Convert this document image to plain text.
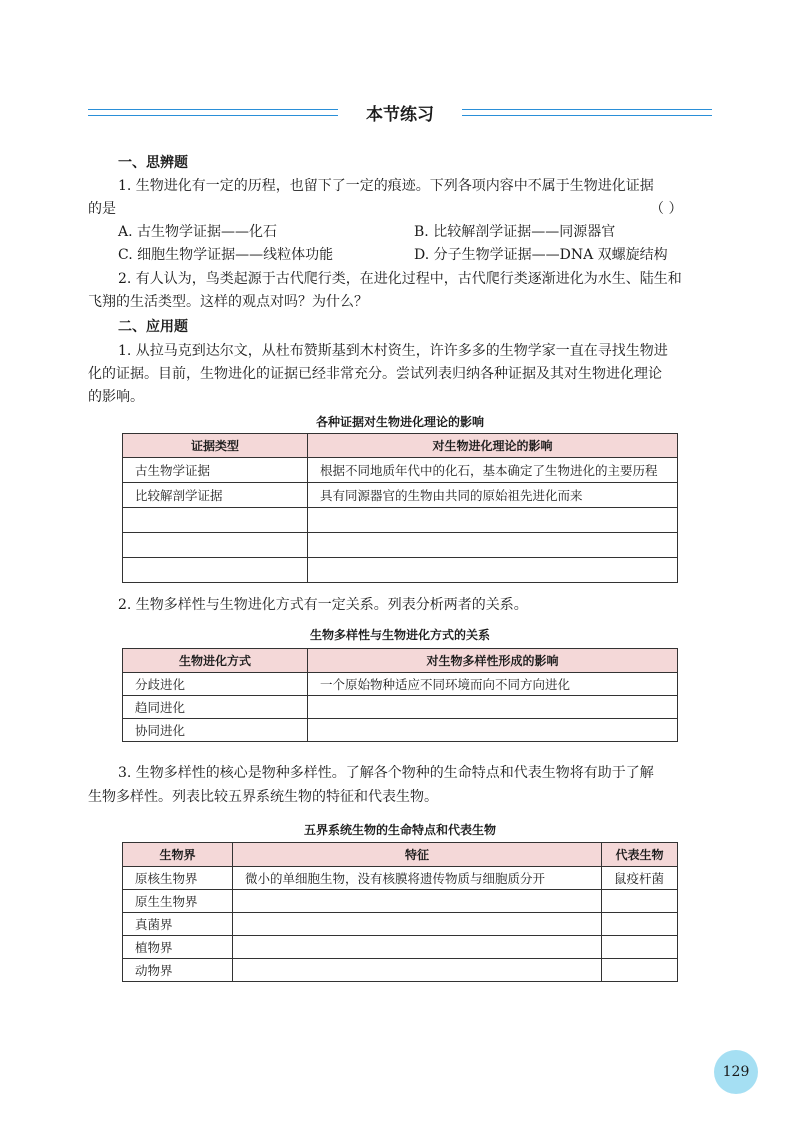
本节练习
一、思辨题
1. 生物进化有一定的历程，也留下了一定的痕迹。下列各项内容中不属于生物进化证据
的是	（ ）
A. 古生物学证据——化石	B. 比较解剖学证据——同源器官
C. 细胞生物学证据——线粒体功能	D. 分子生物学证据——DNA 双螺旋结构
2. 有人认为，鸟类起源于古代爬行类，在进化过程中，古代爬行类逐渐进化为水生、陆生和
飞翔的生活类型。这样的观点对吗？为什么？
二、应用题
1. 从拉马克到达尔文，从杜布赞斯基到木村资生，许许多多的生物学家一直在寻找生物进
化的证据。目前，生物进化的证据已经非常充分。尝试列表归纳各种证据及其对生物进化理论
的影响。
各种证据对生物进化理论的影响
证据类型	对生物进化理论的影响
古生物学证据	根据不同地质年代中的化石，基本确定了生物进化的主要历程
比较解剖学证据	具有同源器官的生物由共同的原始祖先进化而来

2. 生物多样性与生物进化方式有一定关系。列表分析两者的关系。
生物多样性与生物进化方式的关系
生物进化方式	对生物多样性形成的影响
分歧进化	一个原始物种适应不同环境而向不同方向进化
趋同进化	
协同进化	
3. 生物多样性的核心是物种多样性。了解各个物种的生命特点和代表生物将有助于了解
生物多样性。列表比较五界系统生物的特征和代表生物。
五界系统生物的生命特点和代表生物
生物界	特征	代表生物
原核生物界	微小的单细胞生物，没有核膜将遗传物质与细胞质分开	鼠疫杆菌
原生生物界		
真菌界		
植物界		
动物界		
129
